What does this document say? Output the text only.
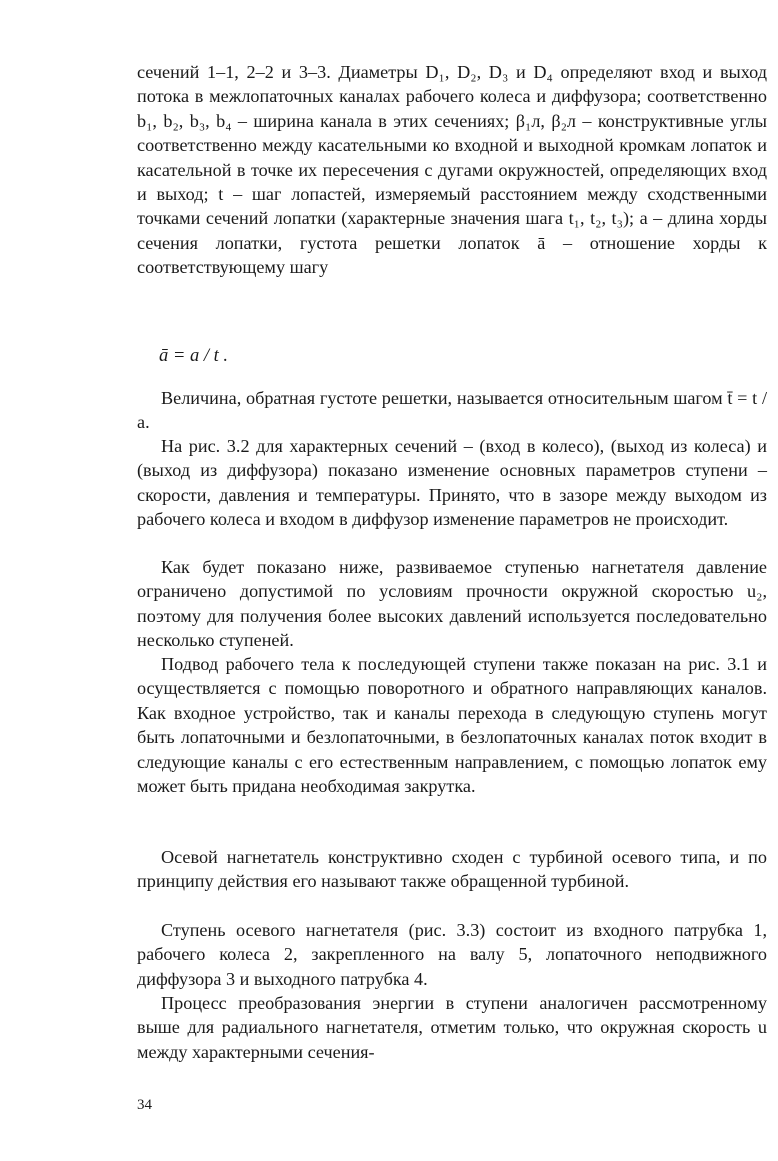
сечений 1–1, 2–2 и 3–3. Диаметры D₁, D₂, D₃ и D₄ определяют вход и выход потока в межлопаточных каналах рабочего колеса и диффузора; соответственно b₁, b₂, b₃, b₄ – ширина канала в этих сечениях; β₁л, β₂л – конструктивные углы соответственно между касательными ко входной и выходной кромкам лопаток и касательной в точке их пересечения с дугами окружностей, определяющих вход и выход; t – шаг лопастей, измеряемый расстоянием между сходственными точками сечений лопатки (характерные значения шага t₁, t₂, t₃); a – длина хорды сечения лопатки, густота решетки лопаток ā – отношение хорды к соответствующему шагу

ā = a / t .

Величина, обратная густоте решетки, называется относительным шагом t̄ = t / a.

На рис. 3.2 для характерных сечений – (вход в колесо), (выход из колеса) и (выход из диффузора) показано изменение основных параметров ступени – скорости, давления и температуры. Принято, что в зазоре между выходом из рабочего колеса и входом в диффузор изменение параметров не происходит.

Как будет показано ниже, развиваемое ступенью нагнетателя давление ограничено допустимой по условиям прочности окружной скоростью u₂, поэтому для получения более высоких давлений используется последовательно несколько ступеней.

Подвод рабочего тела к последующей ступени также показан на рис. 3.1 и осуществляется с помощью поворотного и обратного направляющих каналов. Как входное устройство, так и каналы перехода в следующую ступень могут быть лопаточными и безлопаточными, в безлопаточных каналах поток входит в следующие каналы с его естественным направлением, с помощью лопаток ему может быть придана необходимая закрутка.

Осевой нагнетатель конструктивно сходен с турбиной осевого типа, и по принципу действия его называют также обращенной турбиной.

Ступень осевого нагнетателя (рис. 3.3) состоит из входного патрубка 1, рабочего колеса 2, закрепленного на валу 5, лопаточного неподвижного диффузора 3 и выходного патрубка 4.

Процесс преобразования энергии в ступени аналогичен рассмотренному выше для радиального нагнетателя, отметим только, что окружная скорость u между характерными сечения-

34
